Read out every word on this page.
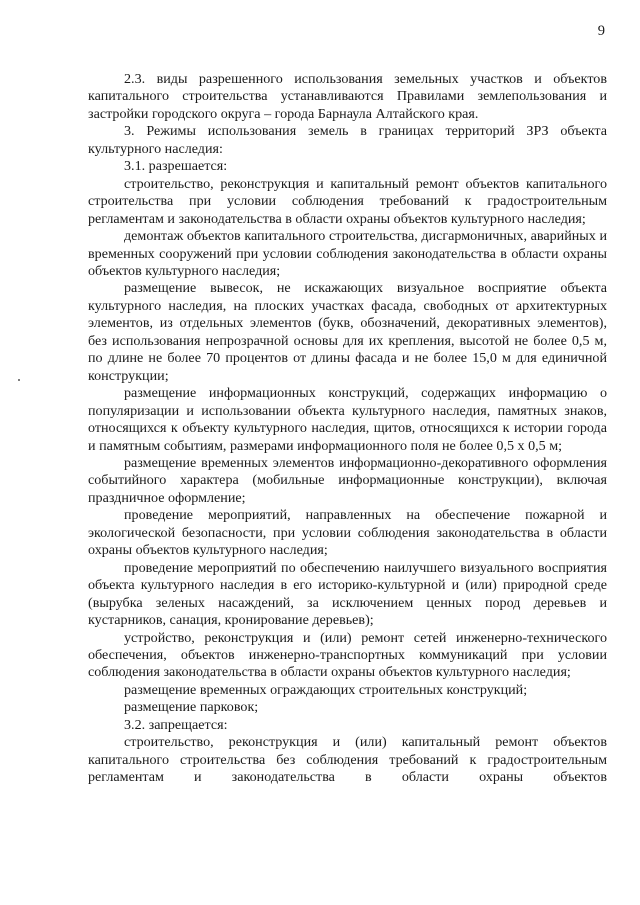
9

2.3. виды разрешенного использования земельных участков и объектов капитального строительства устанавливаются Правилами землепользования и застройки городского округа – города Барнаула Алтайского края.

3. Режимы использования земель в границах территорий ЗРЗ объекта культурного наследия:

3.1. разрешается:

строительство, реконструкция и капитальный ремонт объектов капитального строительства при условии соблюдения требований к градостроительным регламентам и законодательства в области охраны объектов культурного наследия;

демонтаж объектов капитального строительства, дисгармоничных, аварийных и временных сооружений при условии соблюдения законодательства в области охраны объектов культурного наследия;

размещение вывесок, не искажающих визуальное восприятие объекта культурного наследия, на плоских участках фасада, свободных от архитектурных элементов, из отдельных элементов (букв, обозначений, декоративных элементов), без использования непрозрачной основы для их крепления, высотой не более 0,5 м, по длине не более 70 процентов от длины фасада и не более 15,0 м для единичной конструкции;

размещение информационных конструкций, содержащих информацию о популяризации и использовании объекта культурного наследия, памятных знаков, относящихся к объекту культурного наследия, щитов, относящихся к истории города и памятным событиям, размерами информационного поля не более 0,5 х 0,5 м;

размещение временных элементов информационно-декоративного оформления событийного характера (мобильные информационные конструкции), включая праздничное оформление;

проведение мероприятий, направленных на обеспечение пожарной и экологической безопасности, при условии соблюдения законодательства в области охраны объектов культурного наследия;

проведение мероприятий по обеспечению наилучшего визуального восприятия объекта культурного наследия в его историко-культурной и (или) природной среде (вырубка зеленых насаждений, за исключением ценных пород деревьев и кустарников, санация, кронирование деревьев);

устройство, реконструкция и (или) ремонт сетей инженерно-технического обеспечения, объектов инженерно-транспортных коммуникаций при условии соблюдения законодательства в области охраны объектов культурного наследия;

размещение временных ограждающих строительных конструкций;

размещение парковок;

3.2. запрещается:

строительство, реконструкция и (или) капитальный ремонт объектов капитального строительства без соблюдения требований к градостроительным регламентам и законодательства в области охраны объектов
